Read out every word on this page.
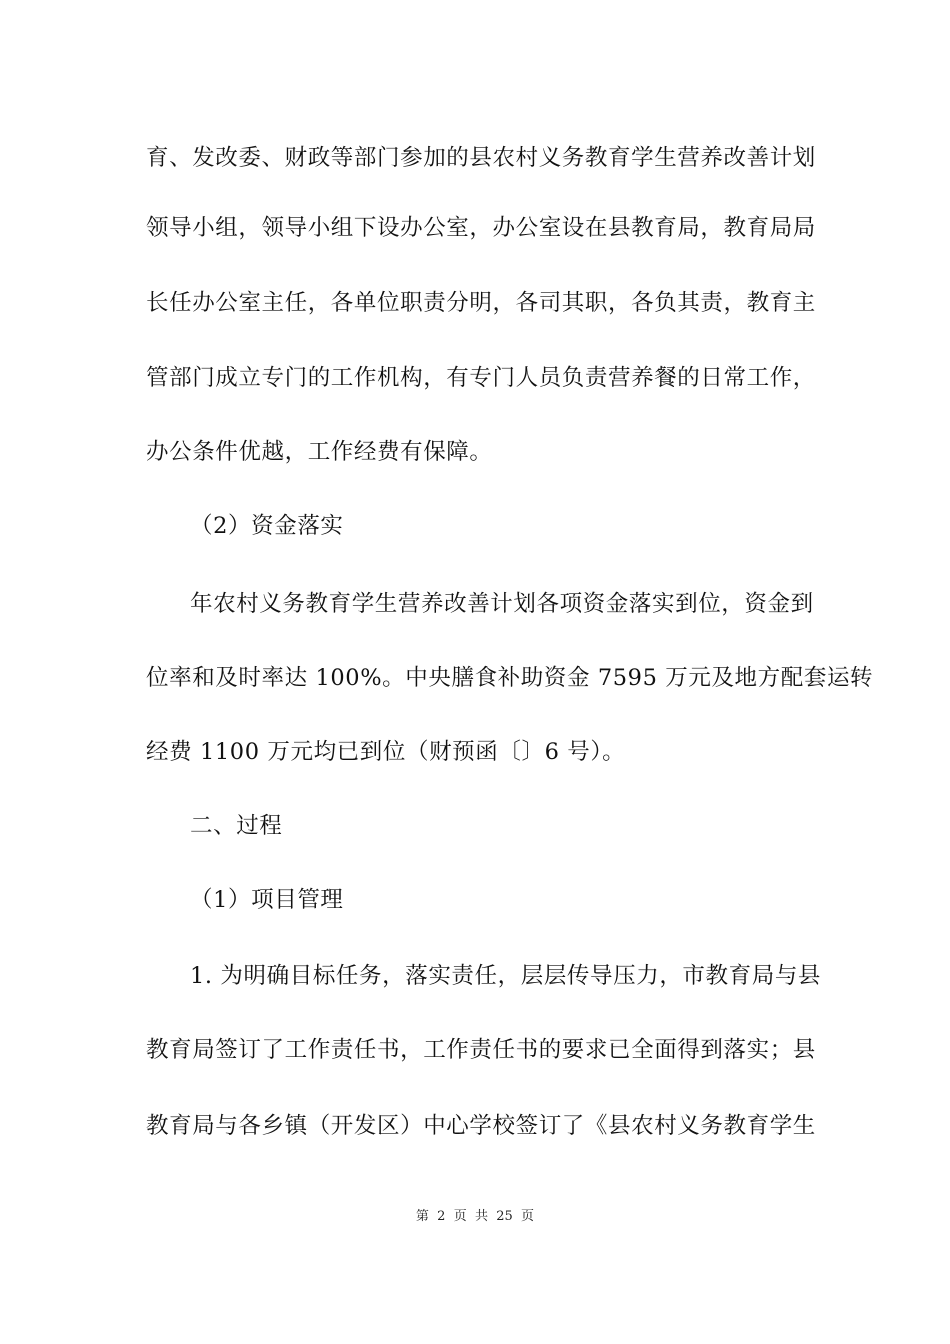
育、发改委、财政等部门参加的县农村义务教育学生营养改善计划
领导小组，领导小组下设办公室，办公室设在县教育局，教育局局
长任办公室主任，各单位职责分明，各司其职，各负其责，教育主
管部门成立专门的工作机构，有专门人员负责营养餐的日常工作，
办公条件优越，工作经费有保障。
（2）资金落实
年农村义务教育学生营养改善计划各项资金落实到位，资金到
位率和及时率达 100%。中央膳食补助资金 7595 万元及地方配套运转
经费 1100 万元均已到位（财预函〔〕6 号）。
二、过程
（1）项目管理
1. 为明确目标任务，落实责任，层层传导压力，市教育局与县
教育局签订了工作责任书，工作责任书的要求已全面得到落实；县
教育局与各乡镇（开发区）中心学校签订了《县农村义务教育学生
第  2  页  共  25  页
